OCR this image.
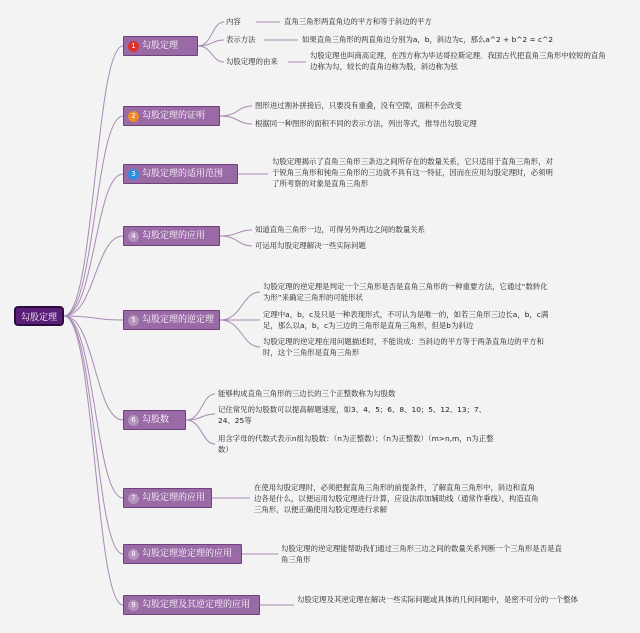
勾股定理
1 勾股定理
内容	直角三角形两直角边的平方和等于斜边的平方
表示方法	如果直角三角形的两直角边分别为a，b，斜边为c，那么a^2 + b^2 = c^2
勾股定理的由来
勾股定理也叫商高定理，在西方称为毕达哥拉斯定理．我国古代把直角三角形中较短的直角边称为勾，较长的直角边称为股，斜边称为弦
2 勾股定理的证明
图形进过割补拼接后，只要没有重叠，没有空隙，面积不会改变
根据同一种图形的面积不同的表示方法，列出等式，推导出勾股定理
3 勾股定理的适用范围
勾股定理揭示了直角三角形三条边之间所存在的数量关系，它只适用于直角三角形，对于锐角三角形和钝角三角形的三边就不具有这一特征，因而在应用勾股定理时，必须明了所考察的对象是直角三角形
4 勾股定理的应用
知道直角三角形一边，可得另外两边之间的数量关系
可运用勾股定理解决一些实际问题
5 勾股定理的逆定理
勾股定理的逆定理是判定一个三角形是否是直角三角形的一种重要方法，它通过“数转化为形”来确定三角形的可能形状
定理中a，b，c及只是一种表现形式，不可认为是唯一的，如若三角形三边长a，b，c满足，那么以a，b，c为三边的三角形是直角三角形，但是b为斜边
勾股定理的逆定理在用问题描述时，不能说成：当斜边的平方等于两条直角边的平方和时，这个三角形是直角三角形
6 勾股数
能够构成直角三角形的三边长的三个正整数称为勾股数
记住常见的勾股数可以提高解题速度，如3、4、5；6、8、10；5、12、13；7、24、25等
用含字母的代数式表示n组勾股数：（n为正整数）；（n为正整数）（m>n,m，n为正整数）
7 勾股定理的应用
在使用勾股定理时，必须把握直角三角形的前提条件，了解直角三角形中，斜边和直角边各是什么，以便运用勾股定理进行计算，应设法添加辅助线（通常作垂线），构造直角三角形，以便正确使用勾股定理进行求解
8 勾股定理逆定理的应用
勾股定理的逆定理能帮助我们通过三角形三边之间的数量关系判断一个三角形是否是直角三角形
9 勾股定理及其逆定理的应用
勾股定理及其逆定理在解决一些实际问题或具体的几何问题中，是密不可分的一个整体
